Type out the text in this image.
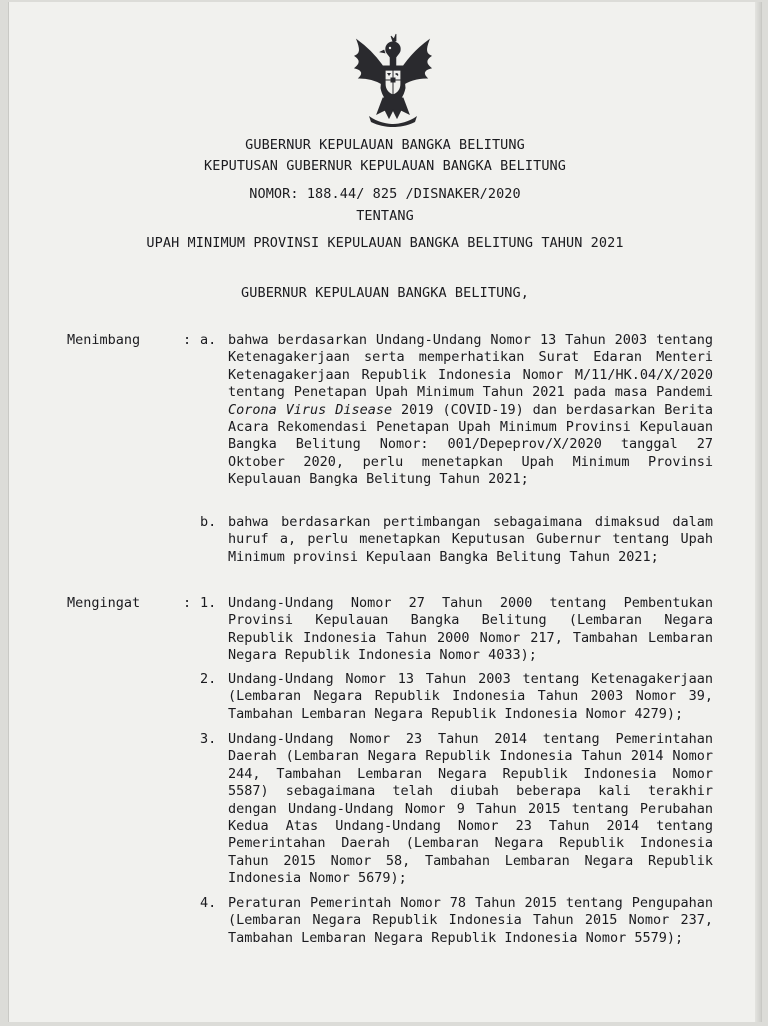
GUBERNUR KEPULAUAN BANGKA BELITUNG
KEPUTUSAN GUBERNUR KEPULAUAN BANGKA BELITUNG
NOMOR: 188.44/ 825 /DISNAKER/2020
TENTANG
UPAH MINIMUM PROVINSI KEPULAUAN BANGKA BELITUNG TAHUN 2021
GUBERNUR KEPULAUAN BANGKA BELITUNG,
Menimbang	: a. bahwa berdasarkan Undang-Undang Nomor 13 Tahun 2003 tentang Ketenagakerjaan serta memperhatikan Surat Edaran Menteri Ketenagakerjaan Republik Indonesia Nomor M/11/HK.04/X/2020 tentang Penetapan Upah Minimum Tahun 2021 pada masa Pandemi Corona Virus Disease 2019 (COVID-19) dan berdasarkan Berita Acara Rekomendasi Penetapan Upah Minimum Provinsi Kepulauan Bangka Belitung Nomor: 001/Depeprov/X/2020 tanggal 27 Oktober 2020, perlu menetapkan Upah Minimum Provinsi Kepulauan Bangka Belitung Tahun 2021;
b. bahwa berdasarkan pertimbangan sebagaimana dimaksud dalam huruf a, perlu menetapkan Keputusan Gubernur tentang Upah Minimum provinsi Kepulaan Bangka Belitung Tahun 2021;
Mengingat	: 1. Undang-Undang Nomor 27 Tahun 2000 tentang Pembentukan Provinsi Kepulauan Bangka Belitung (Lembaran Negara Republik Indonesia Tahun 2000 Nomor 217, Tambahan Lembaran Negara Republik Indonesia Nomor 4033);
2. Undang-Undang Nomor 13 Tahun 2003 tentang Ketenagakerjaan (Lembaran Negara Republik Indonesia Tahun 2003 Nomor 39, Tambahan Lembaran Negara Republik Indonesia Nomor 4279);
3. Undang-Undang Nomor 23 Tahun 2014 tentang Pemerintahan Daerah (Lembaran Negara Republik Indonesia Tahun 2014 Nomor 244, Tambahan Lembaran Negara Republik Indonesia Nomor 5587) sebagaimana telah diubah beberapa kali terakhir dengan Undang-Undang Nomor 9 Tahun 2015 tentang Perubahan Kedua Atas Undang-Undang Nomor 23 Tahun 2014 tentang Pemerintahan Daerah (Lembaran Negara Republik Indonesia Tahun 2015 Nomor 58, Tambahan Lembaran Negara Republik Indonesia Nomor 5679);
4. Peraturan Pemerintah Nomor 78 Tahun 2015 tentang Pengupahan (Lembaran Negara Republik Indonesia Tahun 2015 Nomor 237, Tambahan Lembaran Negara Republik Indonesia Nomor 5579);
